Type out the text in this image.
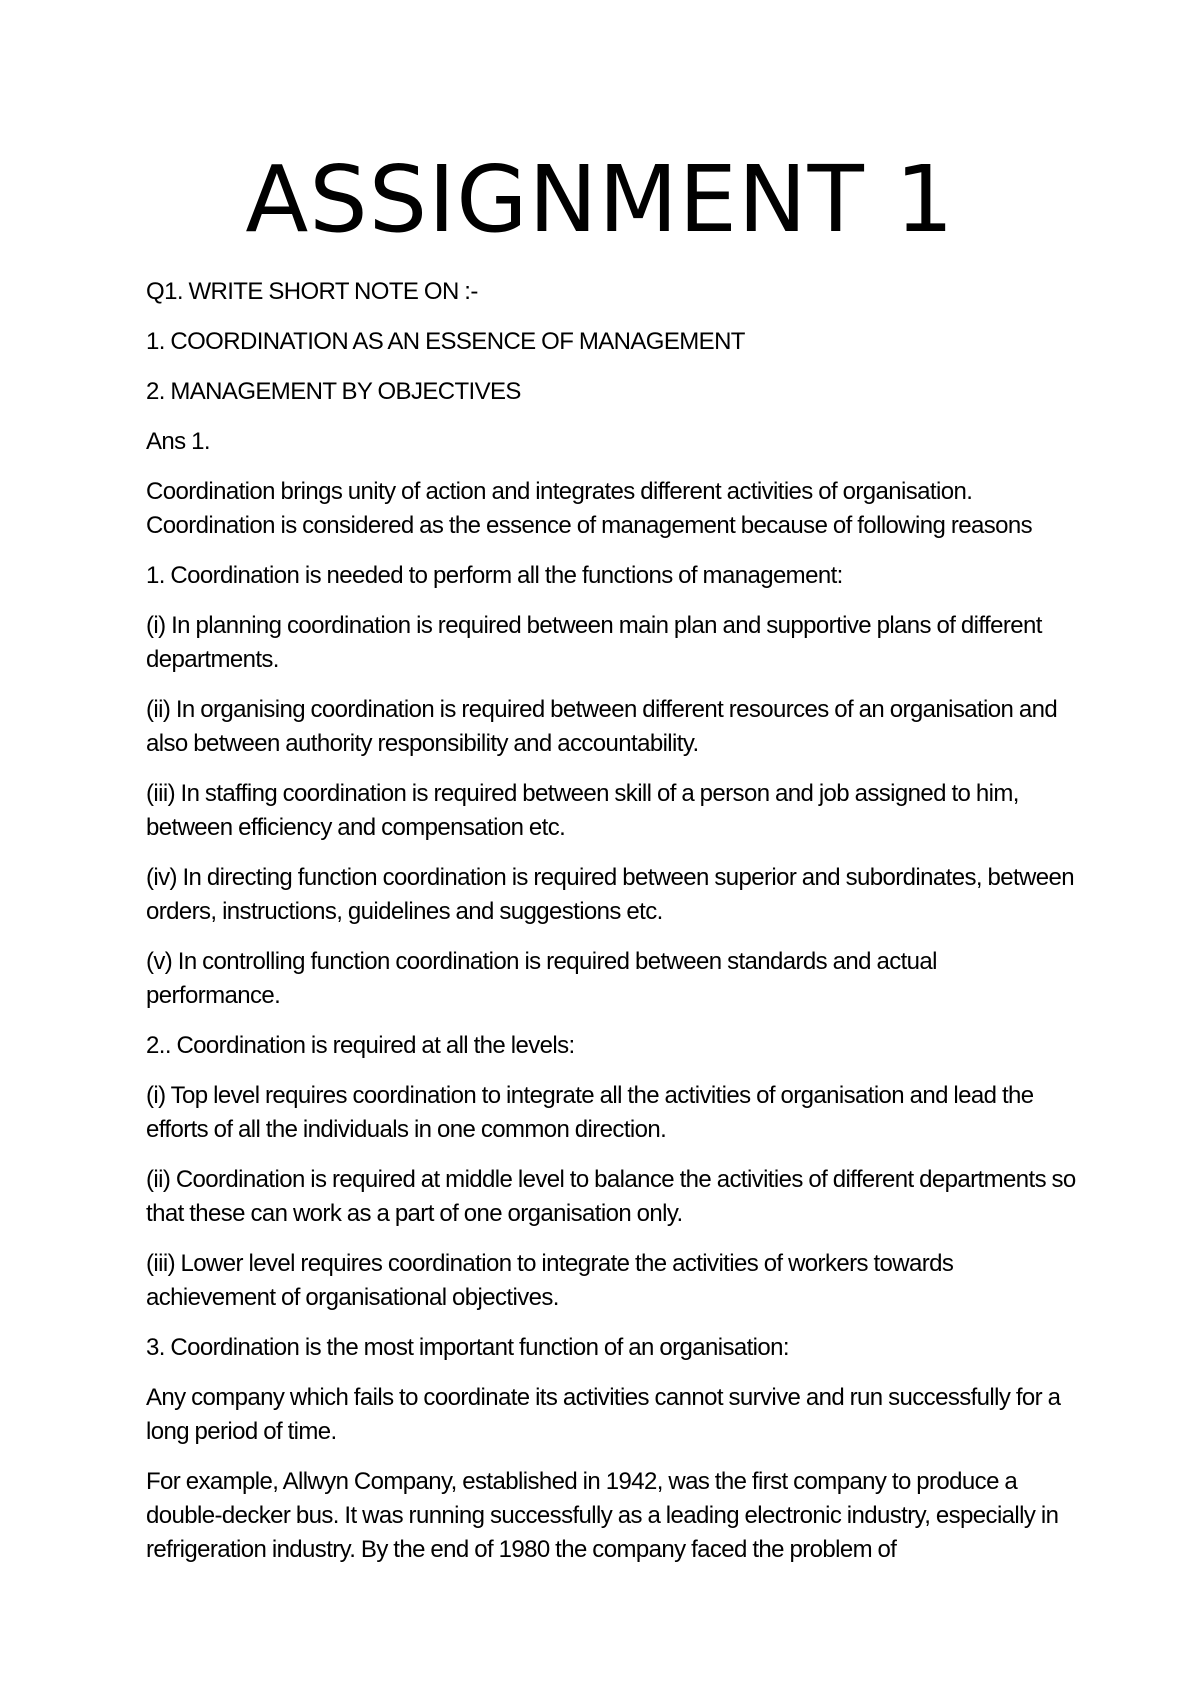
ASSIGNMENT 1

Q1. WRITE SHORT NOTE ON :-

1. COORDINATION AS AN ESSENCE OF MANAGEMENT

2. MANAGEMENT BY OBJECTIVES

Ans 1.

Coordination brings unity of action and integrates different activities of organisation. Coordination is considered as the essence of management because of following reasons

1. Coordination is needed to perform all the functions of management:

(i) In planning coordination is required between main plan and supportive plans of different departments.

(ii) In organising coordination is required between different resources of an organisation and also between authority responsibility and accountability.

(iii) In staffing coordination is required between skill of a person and job assigned to him, between efficiency and compensation etc.

(iv) In directing function coordination is required between superior and subordinates, between orders, instructions, guidelines and suggestions etc.

(v) In controlling function coordination is required between standards and actual performance.

2.. Coordination is required at all the levels:

(i) Top level requires coordination to integrate all the activities of organisation and lead the efforts of all the individuals in one common direction.

(ii) Coordination is required at middle level to balance the activities of different departments so that these can work as a part of one organisation only.

(iii) Lower level requires coordination to integrate the activities of workers towards achievement of organisational objectives.

3. Coordination is the most important function of an organisation:

Any company which fails to coordinate its activities cannot survive and run successfully for a long period of time.

For example, Allwyn Company, established in 1942, was the first company to produce a double-decker bus. It was running successfully as a leading electronic industry, especially in refrigeration industry. By the end of 1980 the company faced the problem of
